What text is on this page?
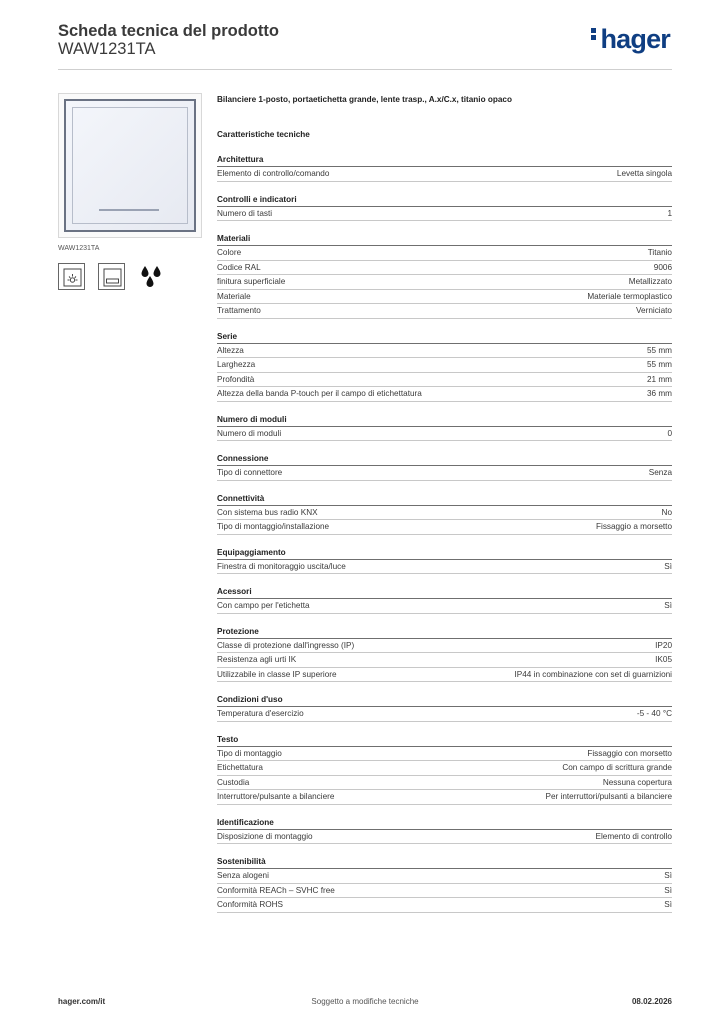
Scheda tecnica del prodotto
WAW1231TA	hager
WAW1231TA
Bilanciere 1-posto, portaetichetta grande, lente trasp., A.x/C.x, titanio opaco
Caratteristiche tecniche
Architettura
Elemento di controllo/comando	Levetta singola
Controlli e indicatori
Numero di tasti	1
Materiali
Colore	Titanio
Codice RAL	9006
finitura superficiale	Metallizzato
Materiale	Materiale termoplastico
Trattamento	Verniciato
Serie
Altezza	55 mm
Larghezza	55 mm
Profondità	21 mm
Altezza della banda P-touch per il campo di etichettatura	36 mm
Numero di moduli
Numero di moduli	0
Connessione
Tipo di connettore	Senza
Connettività
Con sistema bus radio KNX	No
Tipo di montaggio/installazione	Fissaggio a morsetto
Equipaggiamento
Finestra di monitoraggio uscita/luce	Sì
Acessori
Con campo per l'etichetta	Sì
Protezione
Classe di protezione dall'ingresso (IP)	IP20
Resistenza agli urti IK	IK05
Utilizzabile in classe IP superiore	IP44 in combinazione con set di guarnizioni
Condizioni d'uso
Temperatura d'esercizio	-5 - 40 °C
Testo
Tipo di montaggio	Fissaggio con morsetto
Etichettatura	Con campo di scrittura grande
Custodia	Nessuna copertura
Interruttore/pulsante a bilanciere	Per interruttori/pulsanti a bilanciere
Identificazione
Disposizione di montaggio	Elemento di controllo
Sostenibilità
Senza alogeni	Sì
Conformità REACh – SVHC free	Sì
Conformità ROHS	Sì
hager.com/it	Soggetto a modifiche tecniche	08.02.2026
